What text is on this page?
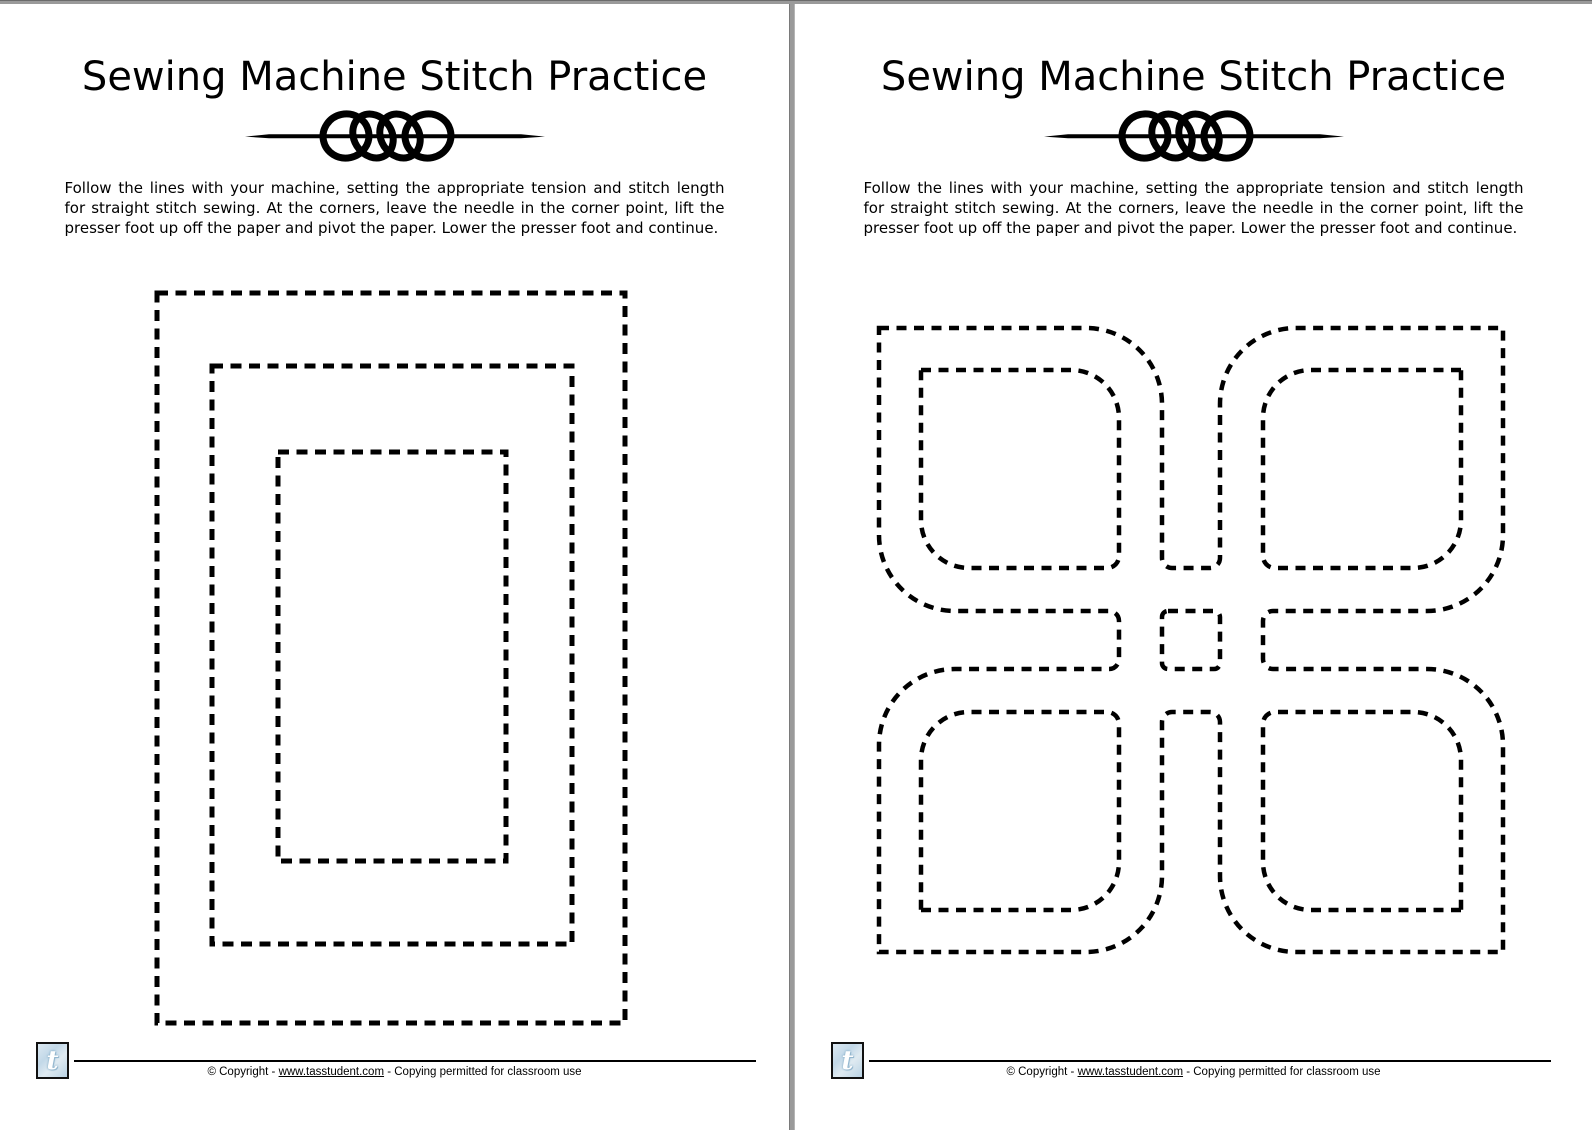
Sewing Machine Stitch Practice

Follow the lines with your machine, setting the appropriate tension and stitch length for straight stitch sewing. At the corners, leave the needle in the corner point, lift the presser foot up off the paper and pivot the paper. Lower the presser foot and continue.

t	© Copyright - www.tasstudent.com - Copying permitted for classroom use
Sewing Machine Stitch Practice

Follow the lines with your machine, setting the appropriate tension and stitch length for straight stitch sewing. At the corners, leave the needle in the corner point, lift the presser foot up off the paper and pivot the paper. Lower the presser foot and continue.

t	© Copyright - www.tasstudent.com - Copying permitted for classroom use
